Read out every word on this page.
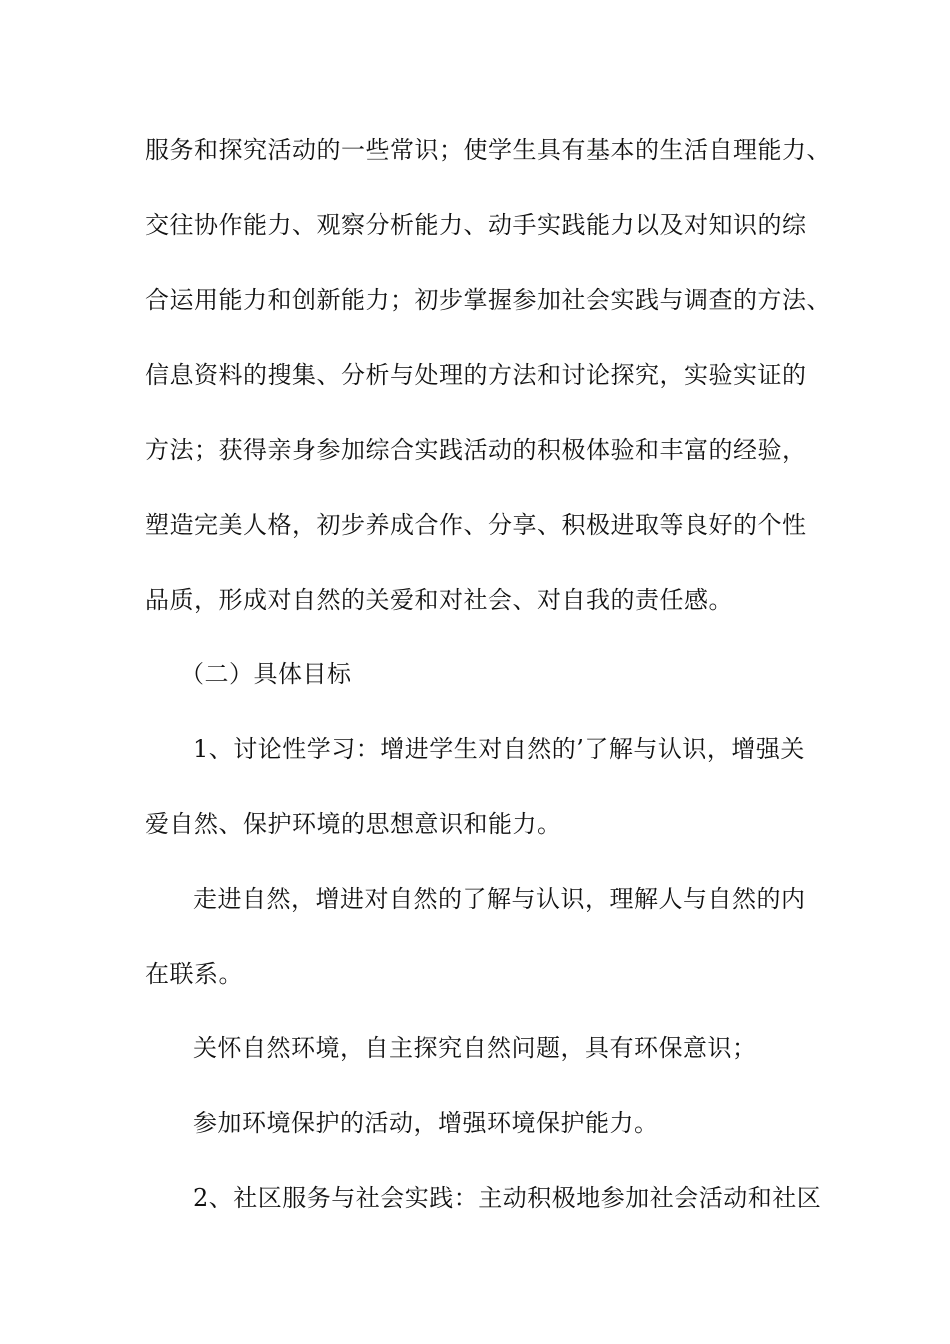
服务和探究活动的一些常识；使学生具有基本的生活自理能力、
交往协作能力、观察分析能力、动手实践能力以及对知识的综
合运用能力和创新能力；初步掌握参加社会实践与调查的方法、
信息资料的搜集、分析与处理的方法和讨论探究，实验实证的
方法；获得亲身参加综合实践活动的积极体验和丰富的经验，
塑造完美人格，初步养成合作、分享、积极进取等良好的个性
品质，形成对自然的关爱和对社会、对自我的责任感。
（二）具体目标
1、讨论性学习：增进学生对自然的’了解与认识，增强关
爱自然、保护环境的思想意识和能力。
走进自然，增进对自然的了解与认识，理解人与自然的内
在联系。
关怀自然环境，自主探究自然问题，具有环保意识；
参加环境保护的活动，增强环境保护能力。
2、社区服务与社会实践：主动积极地参加社会活动和社区
